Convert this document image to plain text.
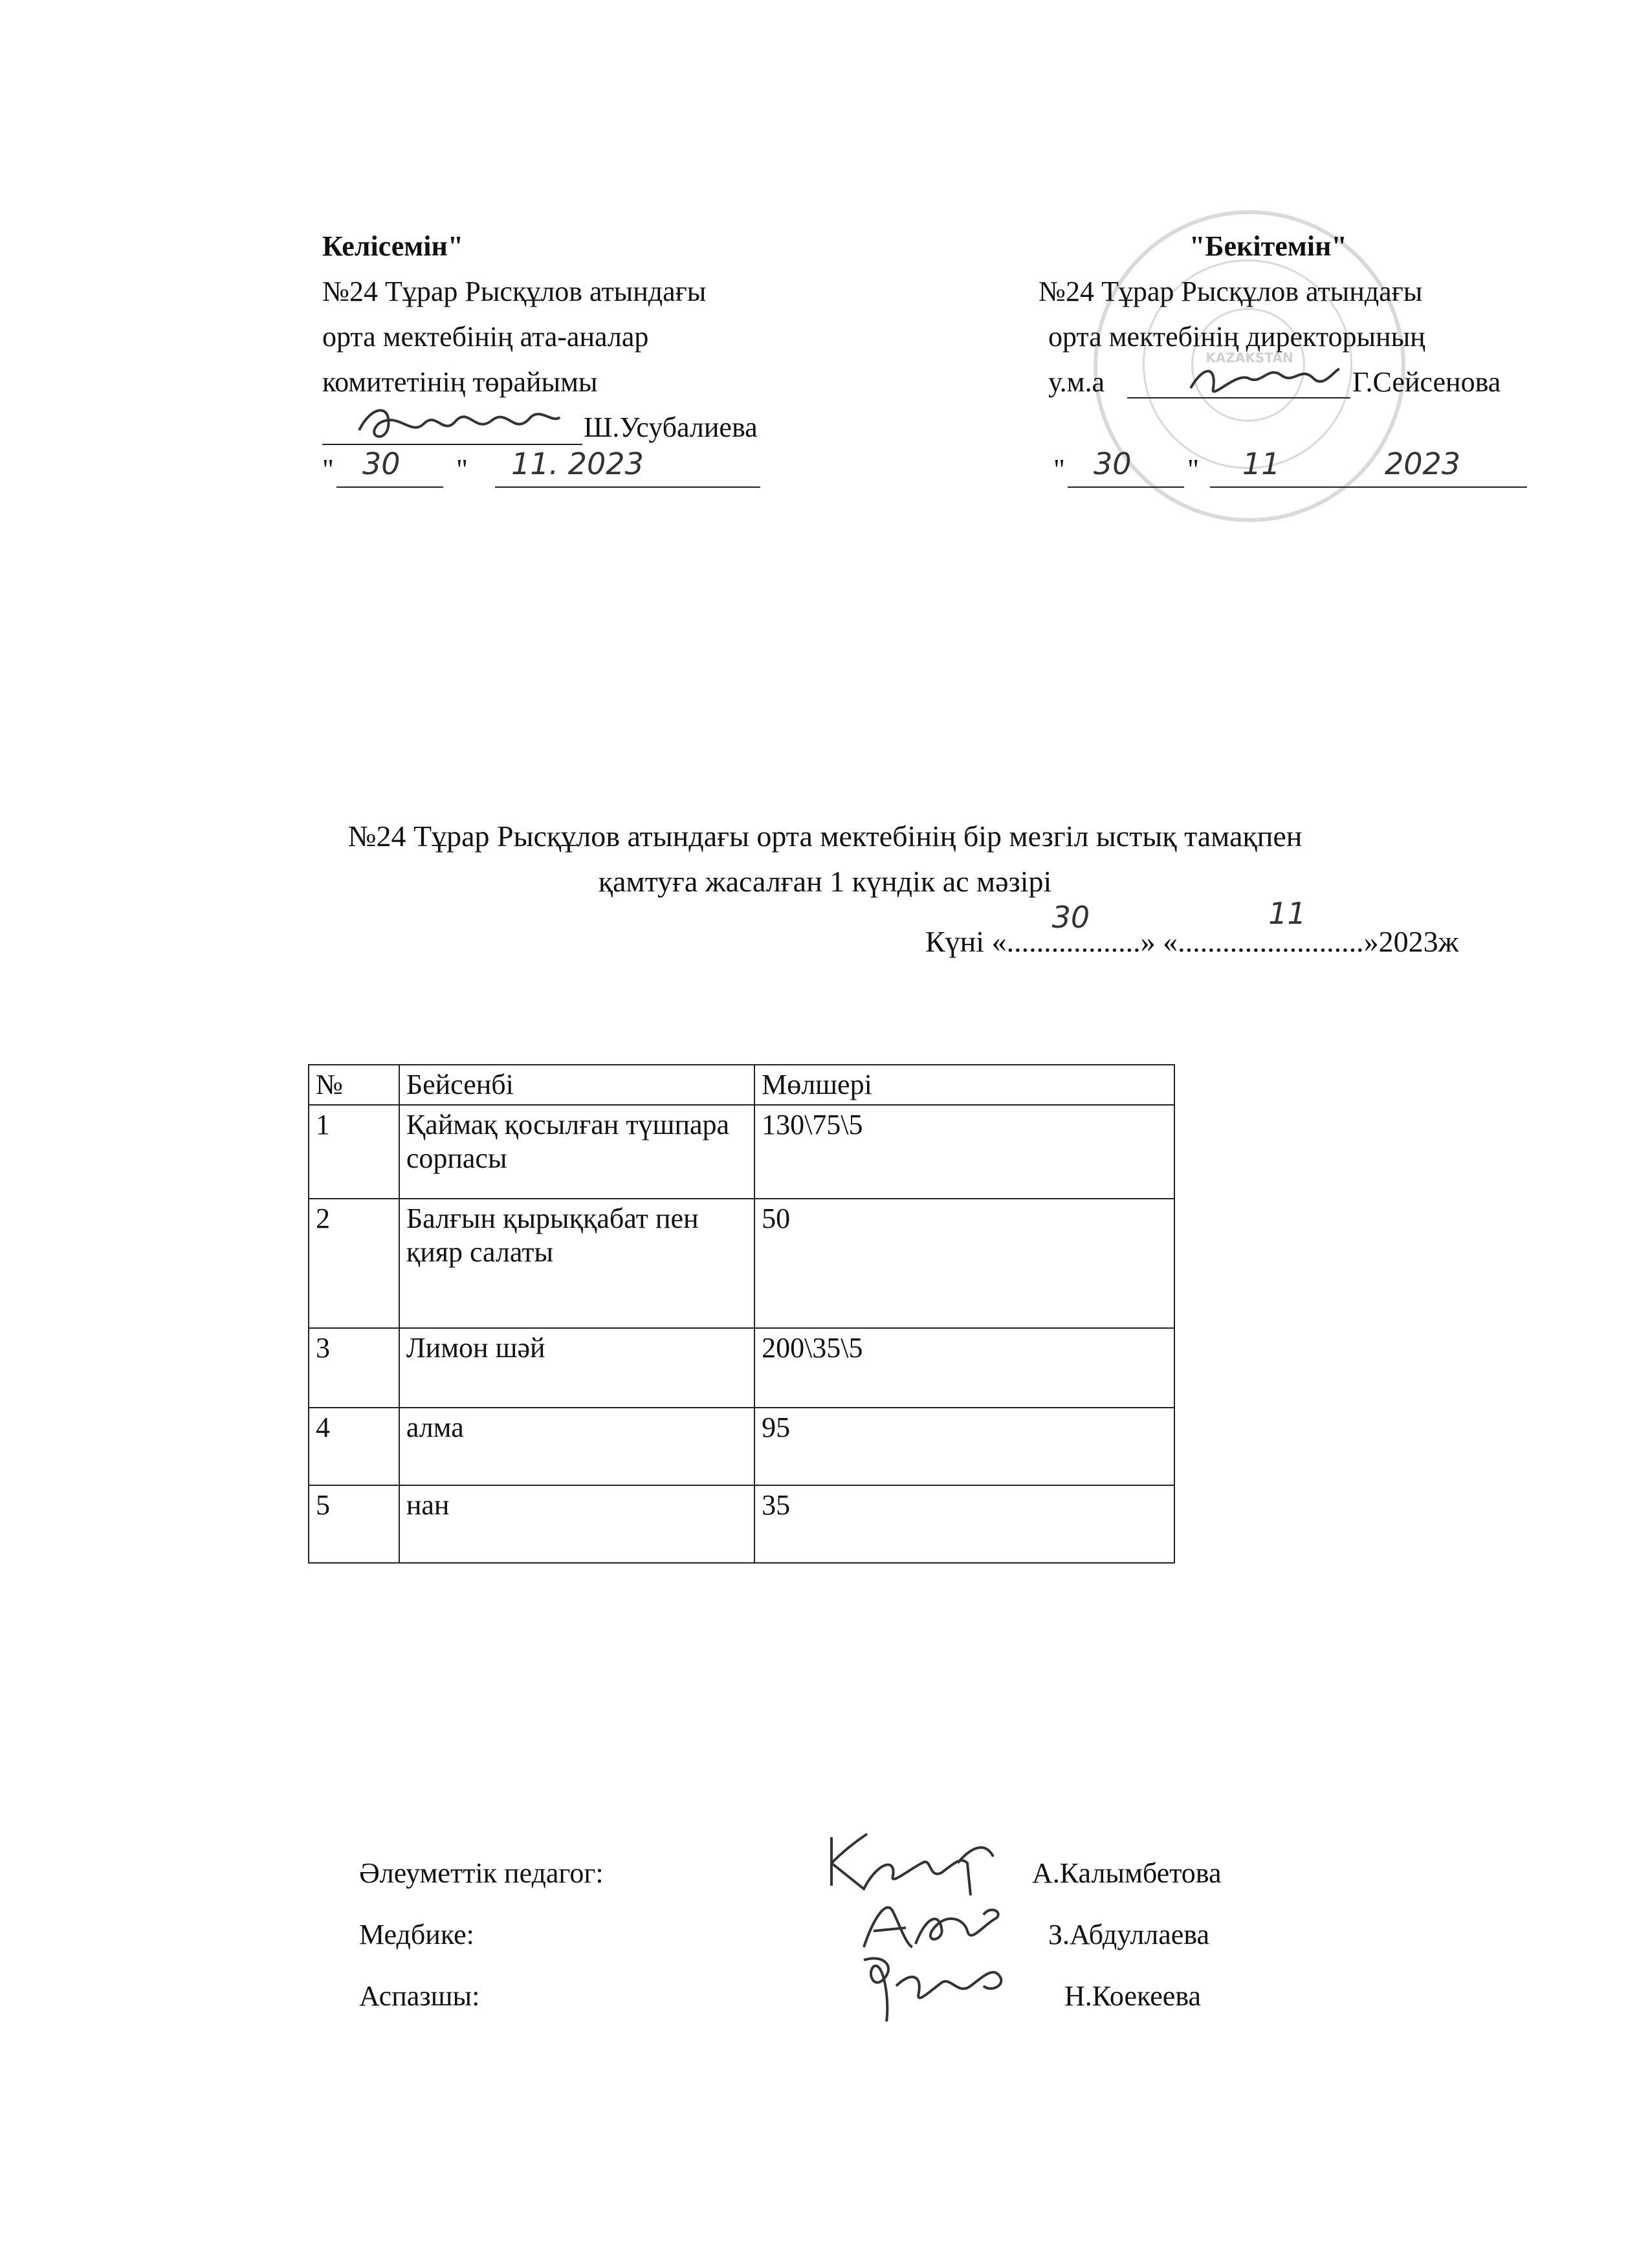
Келісемін"
№24 Тұрар Рысқұлов атындағы
орта мектебінің ата-аналар
комитетінің төрайымы
Ш.Усубалиева
" 30 " 11. 2023
KAZAKSTAN
"Бекітемін"
№24 Тұрар Рысқұлов атындағы
орта мектебінің директорының
у.м.а	Г.Сейсенова
" 30 " 11	2023
№24 Тұрар Рысқұлов атындағы орта мектебінің бір мезгіл ыстық тамақпен
қамтуға жасалған 1 күндік ас мәзірі
Күні «..................
30
» «.........................
11
»2023ж
№	Бейсенбі	Мөлшері
1	Қаймақ қосылған түшпара сорпасы	130\75\5
2	Балғын қырыққабат пен қияр салаты	50
3	Лимон шәй	200\35\5
4	алма	95
5	нан	35
Әлеуметтік педагог:	А.Калымбетова
Медбике:	З.Абдуллаева
Аспазшы:	Н.Коекеева
